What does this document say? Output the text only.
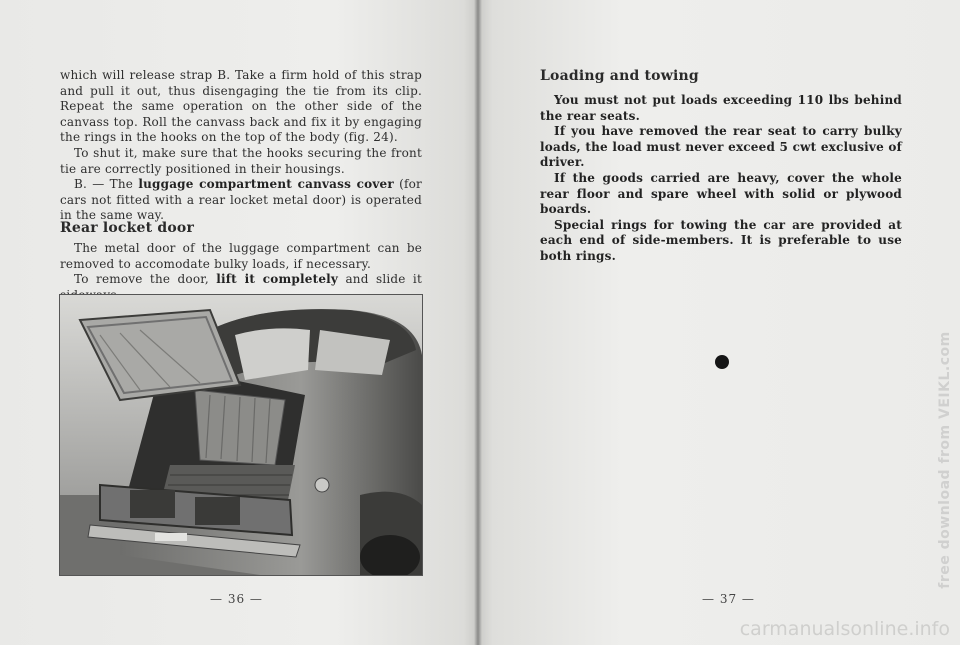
which will release strap B. Take a firm hold of this strap and pull it out, thus disengaging the tie from its clip. Repeat the same operation on the other side of the canvass top. Roll the canvass back and fix it by engaging the rings in the hooks on the top of the body (fig. 24).

To shut it, make sure that the hooks securing the front tie are correctly positioned in their housings.

B. — The luggage compartment canvass cover (for cars not fitted with a rear locket metal door) is operated in the same way.

Rear locket door

The metal door of the luggage compartment can be removed to accomodate bulky loads, if necessary.

To remove the door, lift it completely and slide it

— 36 —
Loading and towing

You must not put loads exceeding 110 lbs behind the rear seats.

If you have removed the rear seat to carry bulky loads, the load must never exceed 5 cwt exclusive of driver.

If the goods carried are heavy, cover the whole rear floor and spare wheel with solid or plywood boards.

Special rings for towing the car are provided at each end of side-members. It is preferable to use both rings.

— 37 —
free download from VEIKL.com
carmanualsonline.info
